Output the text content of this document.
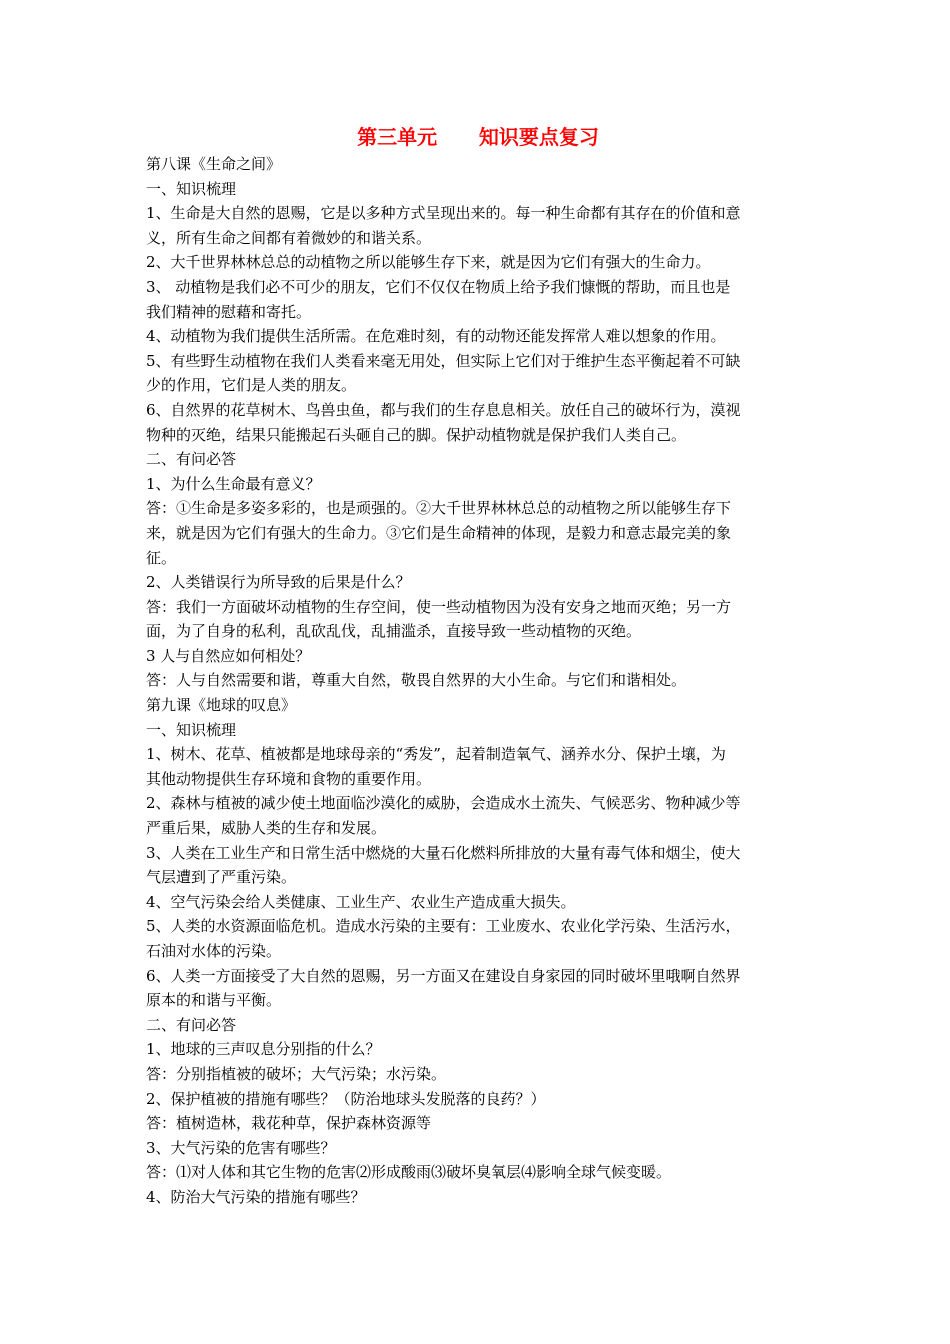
第三单元      知识要点复习

第八课《生命之间》

一、知识梳理

1、生命是大自然的恩赐，它是以多种方式呈现出来的。每一种生命都有其存在的价值和意

义，所有生命之间都有着微妙的和谐关系。

2、大千世界林林总总的动植物之所以能够生存下来，就是因为它们有强大的生命力。

3、 动植物是我们必不可少的朋友，它们不仅仅在物质上给予我们慷慨的帮助，而且也是

我们精神的慰藉和寄托。

4、动植物为我们提供生活所需。在危难时刻，有的动物还能发挥常人难以想象的作用。

5、有些野生动植物在我们人类看来毫无用处，但实际上它们对于维护生态平衡起着不可缺

少的作用，它们是人类的朋友。

6、自然界的花草树木、鸟兽虫鱼，都与我们的生存息息相关。放任自己的破坏行为，漠视

物种的灭绝，结果只能搬起石头砸自己的脚。保护动植物就是保护我们人类自己。

二、有问必答

1、为什么生命最有意义？

答：①生命是多姿多彩的，也是顽强的。②大千世界林林总总的动植物之所以能够生存下

来，就是因为它们有强大的生命力。③它们是生命精神的体现，是毅力和意志最完美的象

征。

2、人类错误行为所导致的后果是什么？

答：我们一方面破坏动植物的生存空间，使一些动植物因为没有安身之地而灭绝；另一方

面，为了自身的私利，乱砍乱伐，乱捕滥杀，直接导致一些动植物的灭绝。

3 人与自然应如何相处？

答：人与自然需要和谐，尊重大自然，敬畏自然界的大小生命。与它们和谐相处。

第九课《地球的叹息》

一、知识梳理

1、树木、花草、植被都是地球母亲的“秀发”，起着制造氧气、涵养水分、保护土壤，为

其他动物提供生存环境和食物的重要作用。

2、森林与植被的减少使土地面临沙漠化的威胁，会造成水土流失、气候恶劣、物种减少等

严重后果，威胁人类的生存和发展。

3、人类在工业生产和日常生活中燃烧的大量石化燃料所排放的大量有毒气体和烟尘，使大

气层遭到了严重污染。

4、空气污染会给人类健康、工业生产、农业生产造成重大损失。

5、人类的水资源面临危机。造成水污染的主要有：工业废水、农业化学污染、生活污水，

石油对水体的污染。

6、人类一方面接受了大自然的恩赐，另一方面又在建设自身家园的同时破坏里哦啊自然界

原本的和谐与平衡。

二、有问必答

1、地球的三声叹息分别指的什么？

答：分别指植被的破坏；大气污染；水污染。

2、保护植被的措施有哪些？（防治地球头发脱落的良药？）

答：植树造林，栽花种草，保护森林资源等

3、大气污染的危害有哪些？

答：⑴对人体和其它生物的危害⑵形成酸雨⑶破坏臭氧层⑷影响全球气候变暖。

4、防治大气污染的措施有哪些？
